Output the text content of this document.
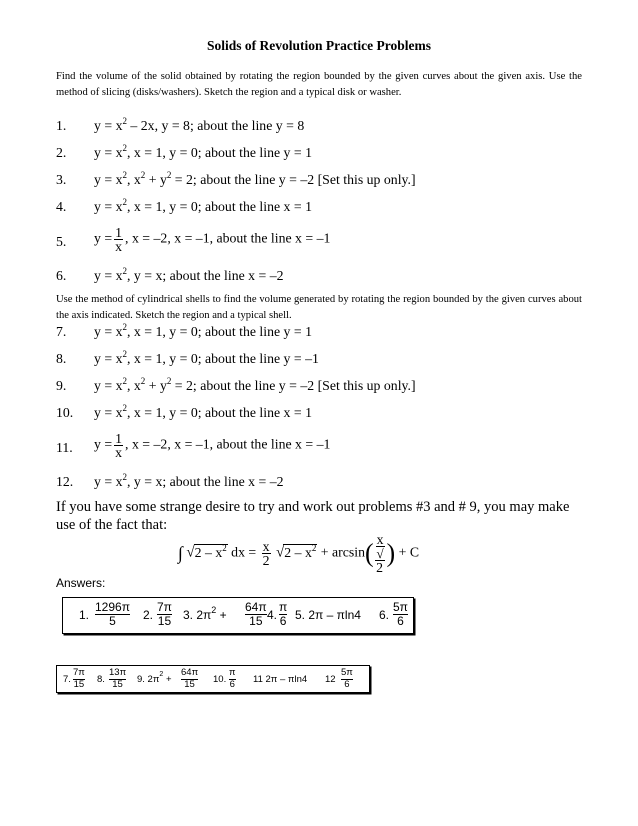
Solids of Revolution Practice Problems
Find the volume of the solid obtained by rotating the region bounded by the given curves about the given axis. Use the method of slicing (disks/washers). Sketch the region and a typical disk or washer.
1. $y = x^2 - 2x$, y = 8; about the line y = 8
2. $y = x^2$, x = 1, y = 0; about the line y = 1
3. $y = x^2$, $x^2 + y^2 = 2$; about the line y = –2 [Set this up only.]
4. $y = x^2$, x = 1, y = 0; about the line x = 1
5. $y = \frac{1}{x}$ , x = –2, x = –1, about the line x = –1
6. $y = x^2$, y = x; about the line x = –2
Use the method of cylindrical shells to find the volume generated by rotating the region bounded by the given curves about the axis indicated. Sketch the region and a typical shell.
7. $y = x^2$, x = 1, y = 0; about the line y = 1
8. $y = x^2$, x = 1, y = 0; about the line y = –1
9. $y = x^2$, $x^2 + y^2 = 2$; about the line y = –2 [Set this up only.]
10. $y = x^2$, x = 1, y = 0; about the line x = 1
11. $y = \frac{1}{x}$ , x = –2, x = –1, about the line x = –1
12. $y = x^2$, y = x; about the line x = –2
If you have some strange desire to try and work out problems #3 and # 9, you may make use of the fact that:
∫ $√2 - x^2$ dx = $\frac{x}{2} √2 - x^2 + \arcsin$( x
√
2 ) + C
Answers:
1. $\frac{1296\pi}{5} 2$. $\frac{7\pi}{15} 3$. $2\pi^2 + \frac{64\pi}{15} 4$. $\frac{\pi}{6} 5$. 2π – πln4 6. $\frac{5\pi}{6}$
7. $\frac{7\pi}{15} 8$. $\frac{13\pi}{15} 9$. $2\pi^2 + \frac{64\pi}{15} 10$. $\frac{\pi}{6} 11$ 2π – πln4 $12 \frac{5\pi}{6}$
